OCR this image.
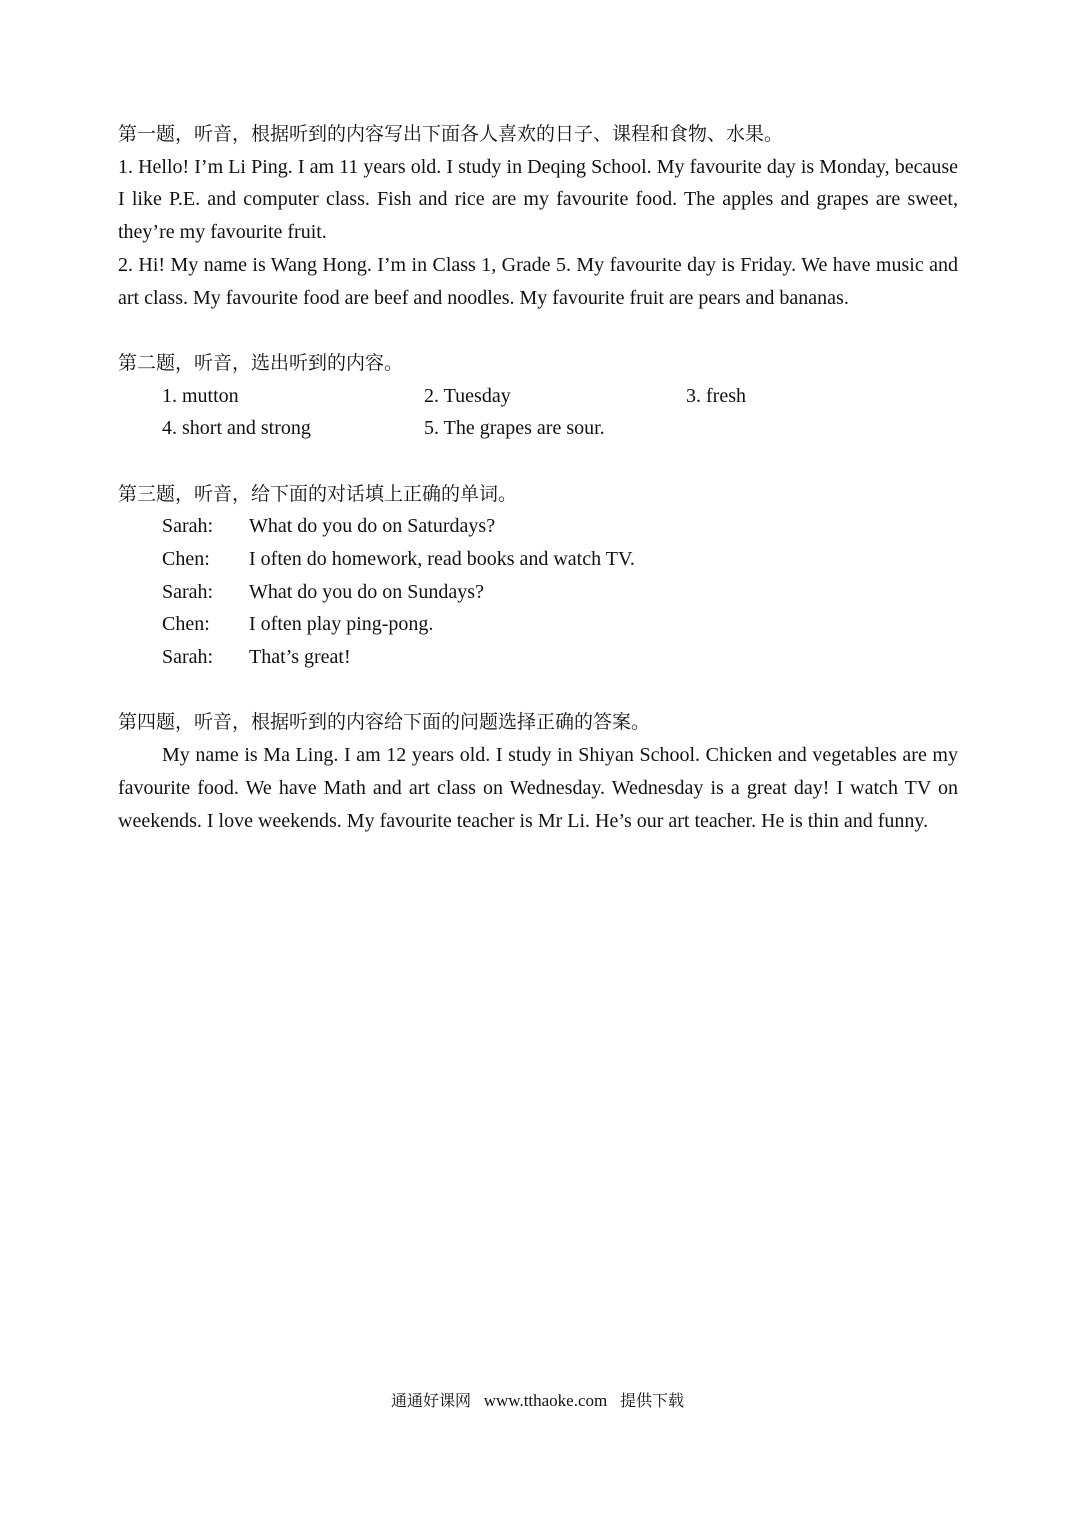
第一题，听音，根据听到的内容写出下面各人喜欢的日子、课程和食物、水果。

1. Hello! I’m Li Ping. I am 11 years old. I study in Deqing School. My favourite day is Monday, because I like P.E. and computer class. Fish and rice are my favourite food. The apples and grapes are sweet, they’re my favourite fruit.

2. Hi! My name is Wang Hong. I’m in Class 1, Grade 5. My favourite day is Friday. We have music and art class. My favourite food are beef and noodles. My favourite fruit are pears and bananas.

第二题，听音，选出听到的内容。
1. mutton	2. Tuesday	3. fresh
4. short and strong	5. The grapes are sour.
第三题，听音，给下面的对话填上正确的单词。
Sarah:	What do you do on Saturdays?
Chen:	I often do homework, read books and watch TV.
Sarah:	What do you do on Sundays?
Chen:	I often play ping-pong.
Sarah:	That’s great!
第四题，听音，根据听到的内容给下面的问题选择正确的答案。

My name is Ma Ling. I am 12 years old. I study in Shiyan School. Chicken and vegetables are my favourite food. We have Math and art class on Wednesday. Wednesday is a great day! I watch TV on weekends. I love weekends. My favourite teacher is Mr Li. He’s our art teacher. He is thin and funny.

通通好课网 www.tthaoke.com 提供下载
